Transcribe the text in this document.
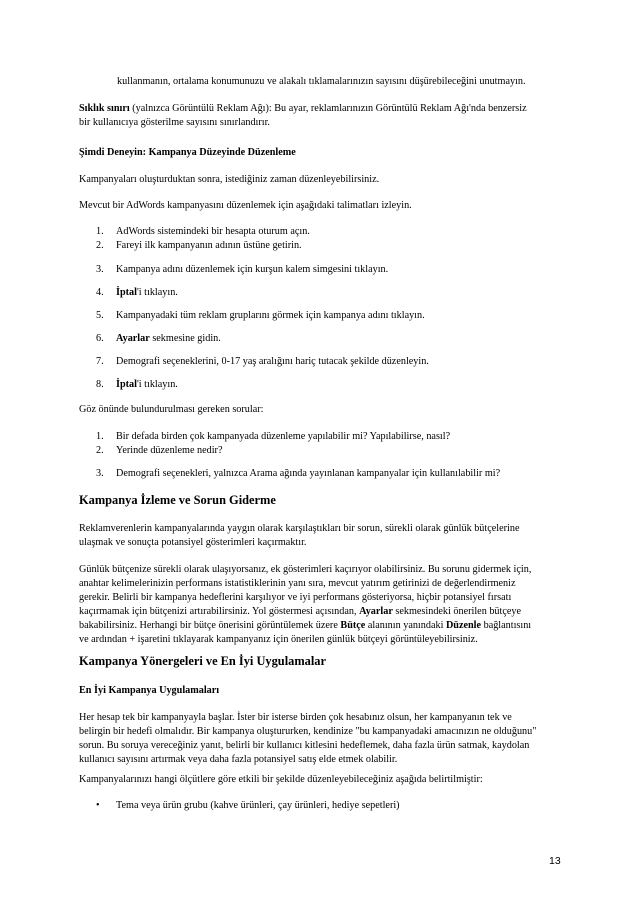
kullanmanın, ortalama konumunuzu ve alakalı tıklamalarınızın sayısını düşürebileceğini unutmayın.
Sıklık sınırı (yalnızca Görüntülü Reklam Ağı): Bu ayar, reklamlarınızın Görüntülü Reklam Ağı'nda benzersiz
bir kullanıcıya gösterilme sayısını sınırlandırır.
Şimdi Deneyin: Kampanya Düzeyinde Düzenleme
Kampanyaları oluşturduktan sonra, istediğiniz zaman düzenleyebilirsiniz.
Mevcut bir AdWords kampanyasını düzenlemek için aşağıdaki talimatları izleyin.
1. AdWords sistemindeki bir hesapta oturum açın.
2. Fareyi ilk kampanyanın adının üstüne getirin.
3. Kampanya adını düzenlemek için kurşun kalem simgesini tıklayın.
4. İptal'i tıklayın.
5. Kampanyadaki tüm reklam gruplarını görmek için kampanya adını tıklayın.
6. Ayarlar sekmesine gidin.
7. Demografi seçeneklerini, 0-17 yaş aralığını hariç tutacak şekilde düzenleyin.
8. İptal'i tıklayın.
Göz önünde bulundurulması gereken sorular:
1. Bir defada birden çok kampanyada düzenleme yapılabilir mi? Yapılabilirse, nasıl?
2. Yerinde düzenleme nedir?
3. Demografi seçenekleri, yalnızca Arama ağında yayınlanan kampanyalar için kullanılabilir mi?
Kampanya İzleme ve Sorun Giderme
Reklamverenlerin kampanyalarında yaygın olarak karşılaştıkları bir sorun, sürekli olarak günlük bütçelerine
ulaşmak ve sonuçta potansiyel gösterimleri kaçırmaktır.
Günlük bütçenize sürekli olarak ulaşıyorsanız, ek gösterimleri kaçırıyor olabilirsiniz. Bu sorunu gidermek için,
anahtar kelimelerinizin performans istatistiklerinin yanı sıra, mevcut yatırım getirinizi de değerlendirmeniz
gerekir. Belirli bir kampanya hedeflerini karşılıyor ve iyi performans gösteriyorsa, hiçbir potansiyel fırsatı
kaçırmamak için bütçenizi artırabilirsiniz. Yol göstermesi açısından, Ayarlar sekmesindeki önerilen bütçeye
bakabilirsiniz. Herhangi bir bütçe önerisini görüntülemek üzere Bütçe alanının yanındaki Düzenle bağlantısını
ve ardından + işaretini tıklayarak kampanyanız için önerilen günlük bütçeyi görüntüleyebilirsiniz.
Kampanya Yönergeleri ve En İyi Uygulamalar
En İyi Kampanya Uygulamaları
Her hesap tek bir kampanyayla başlar. İster bir isterse birden çok hesabınız olsun, her kampanyanın tek ve
belirgin bir hedefi olmalıdır. Bir kampanya oluştururken, kendinize "bu kampanyadaki amacınızın ne olduğunu"
sorun. Bu soruya vereceğiniz yanıt, belirli bir kullanıcı kitlesini hedeflemek, daha fazla ürün satmak, kaydolan
kullanıcı sayısını artırmak veya daha fazla potansiyel satış elde etmek olabilir.
Kampanyalarınızı hangi ölçütlere göre etkili bir şekilde düzenleyebileceğiniz aşağıda belirtilmiştir:
• Tema veya ürün grubu (kahve ürünleri, çay ürünleri, hediye sepetleri)
13
